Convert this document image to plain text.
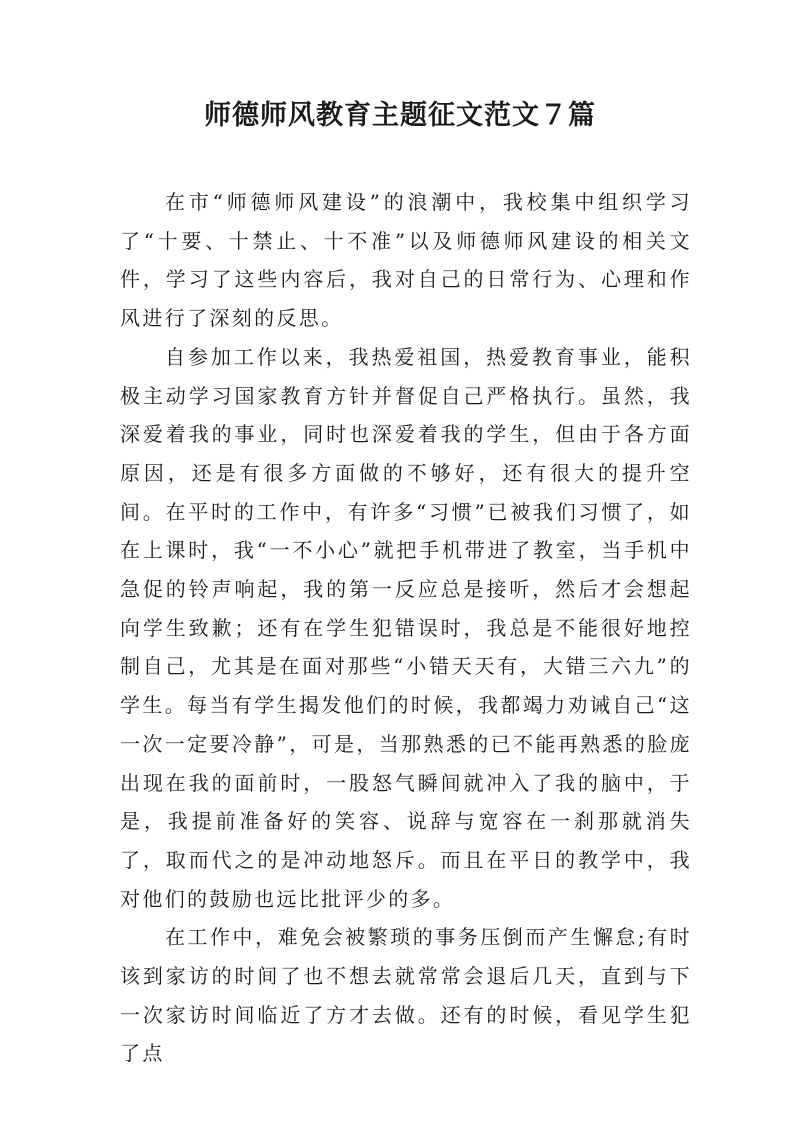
师德师风教育主题征文范文７篇

在市“师德师风建设”的浪潮中，我校集中组织学习了“十要、十禁止、十不准”以及师德师风建设的相关文件，学习了这些内容后，我对自己的日常行为、心理和作风进行了深刻的反思。

自参加工作以来，我热爱祖国，热爱教育事业，能积极主动学习国家教育方针并督促自己严格执行。虽然，我深爱着我的事业，同时也深爱着我的学生，但由于各方面原因，还是有很多方面做的不够好，还有很大的提升空间。在平时的工作中，有许多“习惯”已被我们习惯了，如在上课时，我“一不小心”就把手机带进了教室，当手机中急促的铃声响起，我的第一反应总是接听，然后才会想起向学生致歉；还有在学生犯错误时，我总是不能很好地控制自己，尤其是在面对那些“小错天天有，大错三六九”的学生。每当有学生揭发他们的时候，我都竭力劝诫自己“这一次一定要冷静”，可是，当那熟悉的已不能再熟悉的脸庞出现在我的面前时，一股怒气瞬间就冲入了我的脑中，于是，我提前准备好的笑容、说辞与宽容在一刹那就消失了，取而代之的是冲动地怒斥。而且在平日的教学中，我对他们的鼓励也远比批评少的多。

在工作中，难免会被繁琐的事务压倒而产生懈怠;有时该到家访的时间了也不想去就常常会退后几天，直到与下一次家访时间临近了方才去做。还有的时候，看见学生犯了点
